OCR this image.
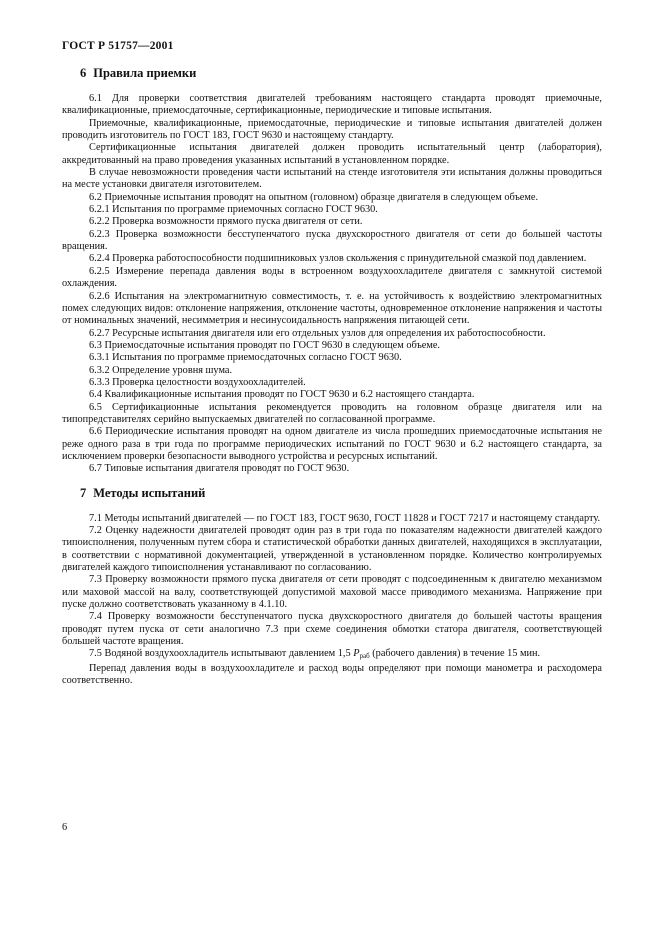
ГОСТ Р 51757—2001
6 Правила приемки

6.1 Для проверки соответствия двигателей требованиям настоящего стандарта проводят приемочные, квалификационные, приемосдаточные, сертификационные, периодические и типовые испытания.

Приемочные, квалификационные, приемосдаточные, периодические и типовые испытания двигателей должен проводить изготовитель по ГОСТ 183, ГОСТ 9630 и настоящему стандарту.

Сертификационные испытания двигателей должен проводить испытательный центр (лаборатория), аккредитованный на право проведения указанных испытаний в установленном порядке.

В случае невозможности проведения части испытаний на стенде изготовителя эти испытания должны проводиться на месте установки двигателя изготовителем.

6.2 Приемочные испытания проводят на опытном (головном) образце двигателя в следующем объеме.

6.2.1 Испытания по программе приемочных согласно ГОСТ 9630.

6.2.2 Проверка возможности прямого пуска двигателя от сети.

6.2.3 Проверка возможности бесступенчатого пуска двухскоростного двигателя от сети до большей частоты вращения.

6.2.4 Проверка работоспособности подшипниковых узлов скольжения с принудительной смазкой под давлением.

6.2.5 Измерение перепада давления воды в встроенном воздухоохладителе двигателя с замкнутой системой охлаждения.

6.2.6 Испытания на электромагнитную совместимость, т. е. на устойчивость к воздействию электромагнитных помех следующих видов: отклонение напряжения, отклонение частоты, одновременное отклонение напряжения и частоты от номинальных значений, несимметрия и несинусоидальность напряжения питающей сети.

6.2.7 Ресурсные испытания двигателя или его отдельных узлов для определения их работоспособности.

6.3 Приемосдаточные испытания проводят по ГОСТ 9630 в следующем объеме.

6.3.1 Испытания по программе приемосдаточных согласно ГОСТ 9630.

6.3.2 Определение уровня шума.

6.3.3 Проверка целостности воздухоохладителей.

6.4 Квалификационные испытания проводят по ГОСТ 9630 и 6.2 настоящего стандарта.

6.5 Сертификационные испытания рекомендуется проводить на головном образце двигателя или на типопредставителях серийно выпускаемых двигателей по согласованной программе.

6.6 Периодические испытания проводят на одном двигателе из числа прошедших приемосдаточные испытания не реже одного раза в три года по программе периодических испытаний по ГОСТ 9630 и 6.2 настоящего стандарта, за исключением проверки безопасности выводного устройства и ресурсных испытаний.

6.7 Типовые испытания двигателя проводят по ГОСТ 9630.

7 Методы испытаний

7.1 Методы испытаний двигателей — по ГОСТ 183, ГОСТ 9630, ГОСТ 11828 и ГОСТ 7217 и настоящему стандарту.

7.2 Оценку надежности двигателей проводят один раз в три года по показателям надежности двигателей каждого типоисполнения, полученным путем сбора и статистической обработки данных двигателей, находящихся в эксплуатации, в соответствии с нормативной документацией, утвержденной в установленном порядке. Количество контролируемых двигателей каждого типоисполнения устанавливают по согласованию.

7.3 Проверку возможности прямого пуска двигателя от сети проводят с подсоединенным к двигателю механизмом или маховой массой на валу, соответствующей допустимой маховой массе приводимого механизма. Напряжение при пуске должно соответствовать указанному в 4.1.10.

7.4 Проверку возможности бесступенчатого пуска двухскоростного двигателя до большей частоты вращения проводят путем пуска от сети аналогично 7.3 при схеме соединения обмотки статора двигателя, соответствующей большей частоте вращения.

7.5 Водяной воздухоохладитель испытывают давлением 1,5 $P_{раб}$ (рабочего давления) в течение 15 мин.

Перепад давления воды в воздухоохладителе и расход воды определяют при помощи манометра и расходомера соответственно.

6
